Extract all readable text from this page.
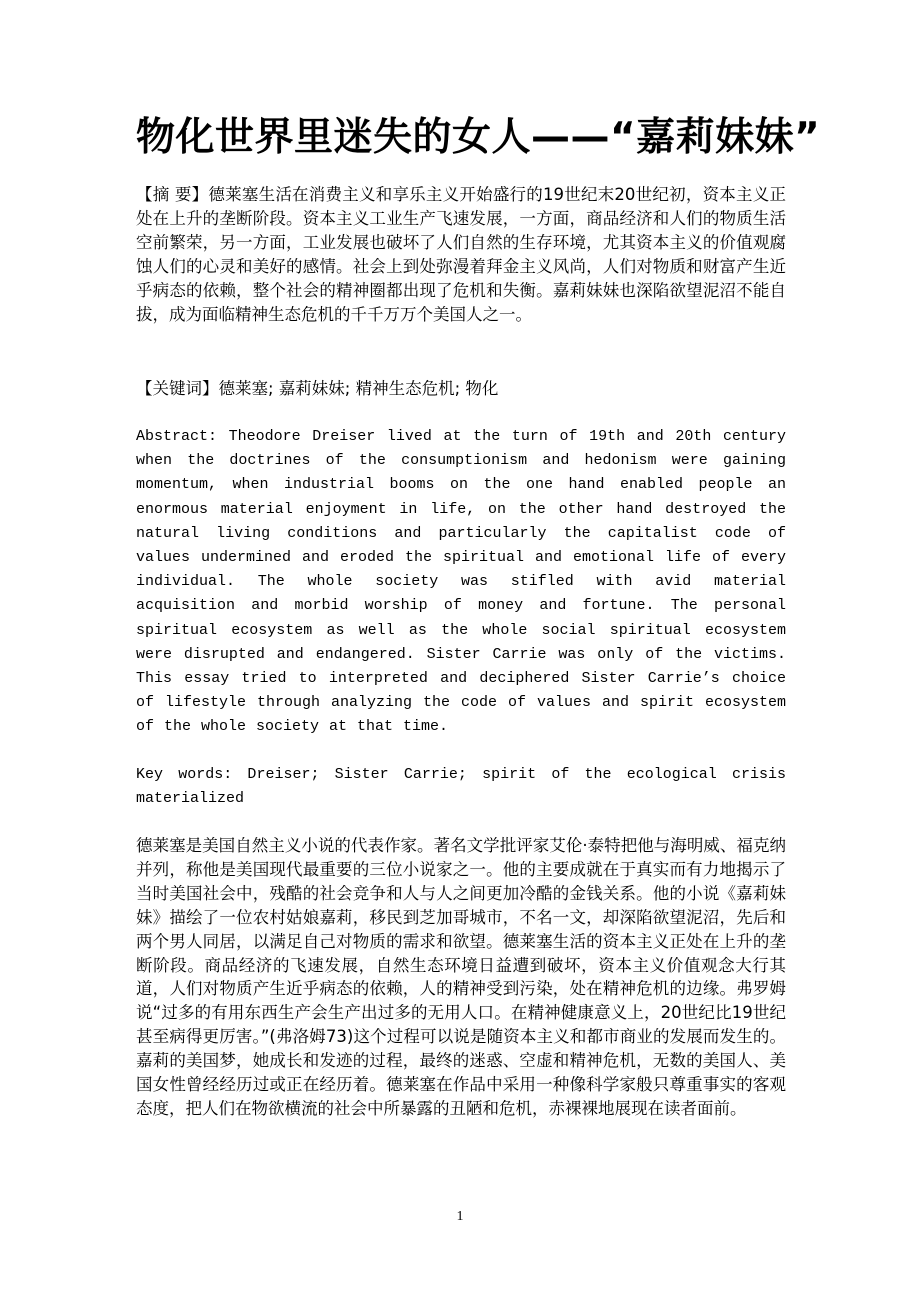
物化世界里迷失的女人——“嘉莉妹妹”

【摘 要】德莱塞生活在消费主义和享乐主义开始盛行的19世纪末20世纪初，资本主义正处在上升的垄断阶段。资本主义工业生产飞速发展，一方面，商品经济和人们的物质生活空前繁荣，另一方面，工业发展也破坏了人们自然的生存环境，尤其资本主义的价值观腐蚀人们的心灵和美好的感情。社会上到处弥漫着拜金主义风尚，人们对物质和财富产生近乎病态的依赖，整个社会的精神圈都出现了危机和失衡。嘉莉妹妹也深陷欲望泥沼不能自拔，成为面临精神生态危机的千千万万个美国人之一。

【关键词】德莱塞; 嘉莉妹妹; 精神生态危机; 物化

Abstract: Theodore Dreiser lived at the turn of 19th and 20th century when the doctrines of the consumptionism and hedonism were gaining momentum, when industrial booms on the one hand enabled people an enormous material enjoyment in life, on the other hand destroyed the natural living conditions and particularly the capitalist code of values undermined and eroded the spiritual and emotional life of every individual. The whole society was stifled with avid material acquisition and morbid worship of money and fortune. The personal spiritual ecosystem as well as the whole social spiritual ecosystem were disrupted and endangered. Sister Carrie was only of the victims. This essay tried to interpreted and deciphered Sister Carrie’s choice of lifestyle through analyzing the code of values and spirit ecosystem of the whole society at that time.

Key words: Dreiser; Sister Carrie; spirit of the ecological crisis materialized

德莱塞是美国自然主义小说的代表作家。著名文学批评家艾伦·泰特把他与海明威、福克纳并列，称他是美国现代最重要的三位小说家之一。他的主要成就在于真实而有力地揭示了当时美国社会中，残酷的社会竞争和人与人之间更加冷酷的金钱关系。他的小说《嘉莉妹妹》描绘了一位农村姑娘嘉莉，移民到芝加哥城市，不名一文，却深陷欲望泥沼，先后和两个男人同居，以满足自己对物质的需求和欲望。德莱塞生活的资本主义正处在上升的垄断阶段。商品经济的飞速发展，自然生态环境日益遭到破坏，资本主义价值观念大行其道，人们对物质产生近乎病态的依赖，人的精神受到污染，处在精神危机的边缘。弗罗姆说“过多的有用东西生产会生产出过多的无用人口。在精神健康意义上，20世纪比19世纪甚至病得更厉害。”(弗洛姆73)这个过程可以说是随资本主义和都市商业的发展而发生的。嘉莉的美国梦，她成长和发迹的过程，最终的迷惑、空虚和精神危机，无数的美国人、美国女性曾经经历过或正在经历着。德莱塞在作品中采用一种像科学家般只尊重事实的客观态度，把人们在物欲横流的社会中所暴露的丑陋和危机，赤裸裸地展现在读者面前。

1
